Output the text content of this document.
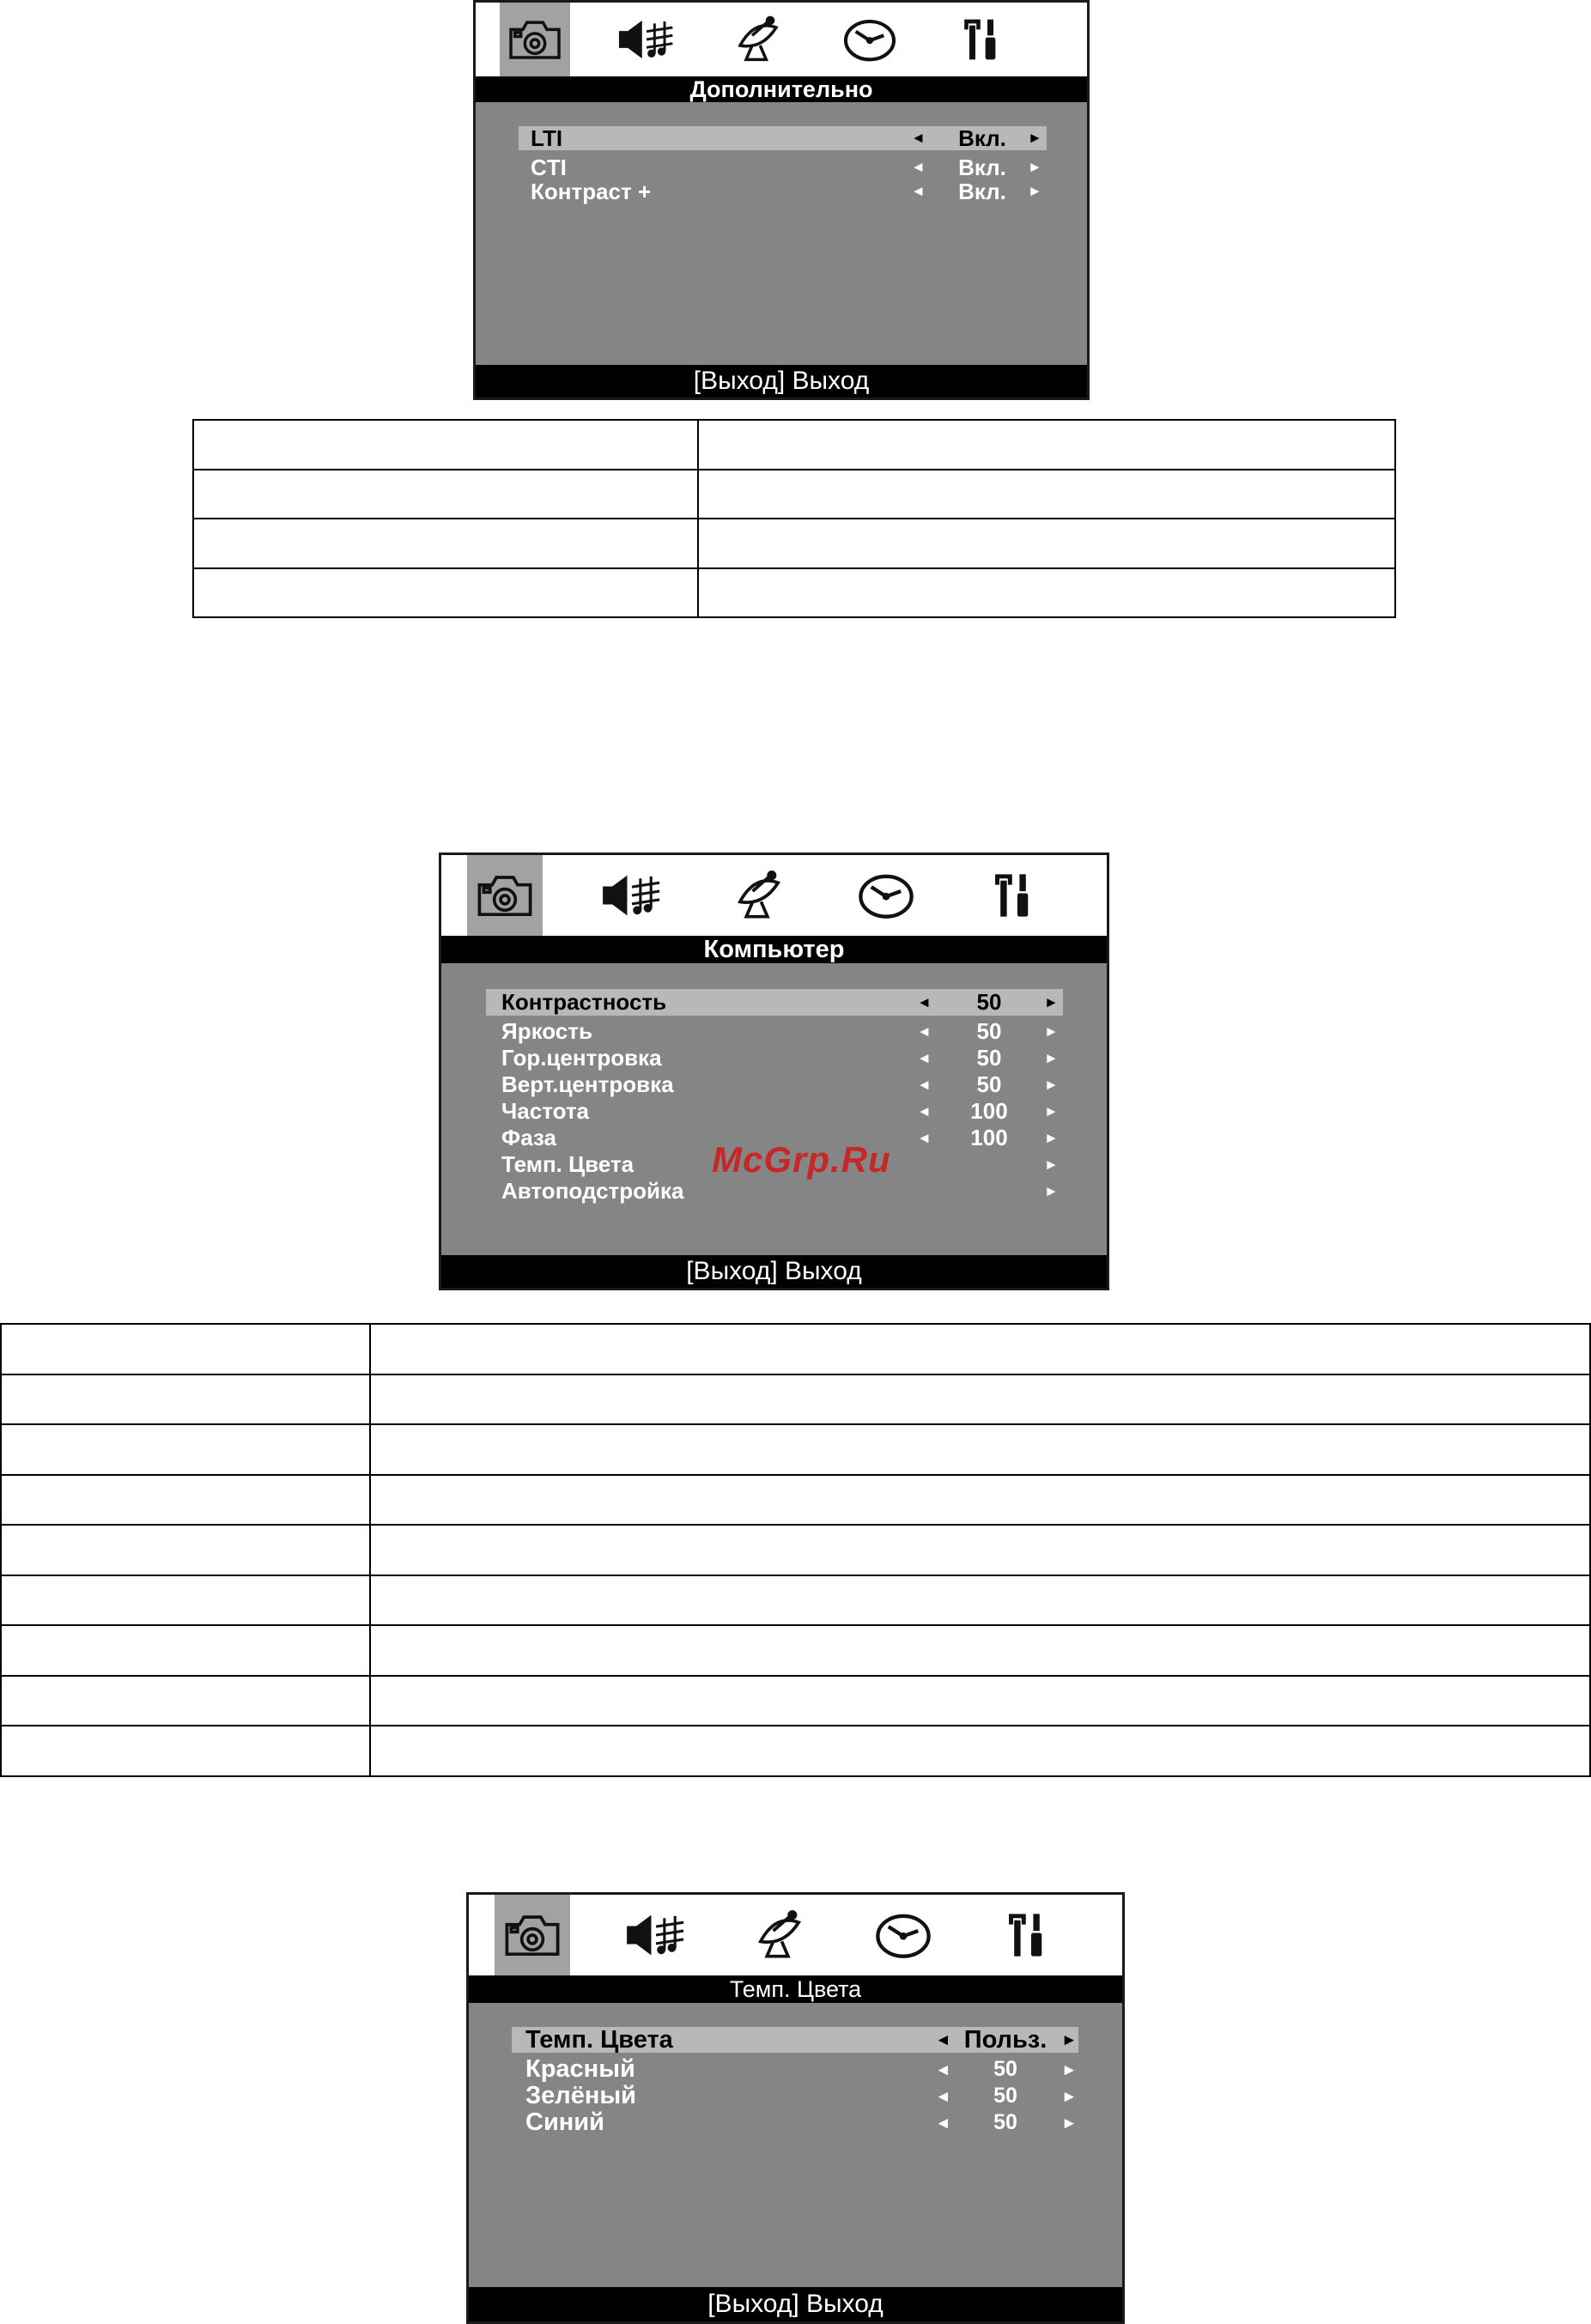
Дополнительно
LTI	◄	Вкл.	►
CTI	◄	Вкл.	►
Контраст +	◄	Вкл.	►
[Выход] Выход

Компьютер
Контрастность	◄	50	►
Яркость	◄	50	►
Гор.центровка	◄	50	►
Верт.центровка	◄	50	►
Частота	◄	100	►
Фаза	◄	100	►
Темп. Цвета	►
Автоподстройка	►
[Выход] Выход
McGrp.Ru

Темп. Цвета
Темп. Цвета	◄ Польз. ►
Красный	◄	50	►
Зелёный	◄	50	►
Синий	◄	50	►
[Выход] Выход
